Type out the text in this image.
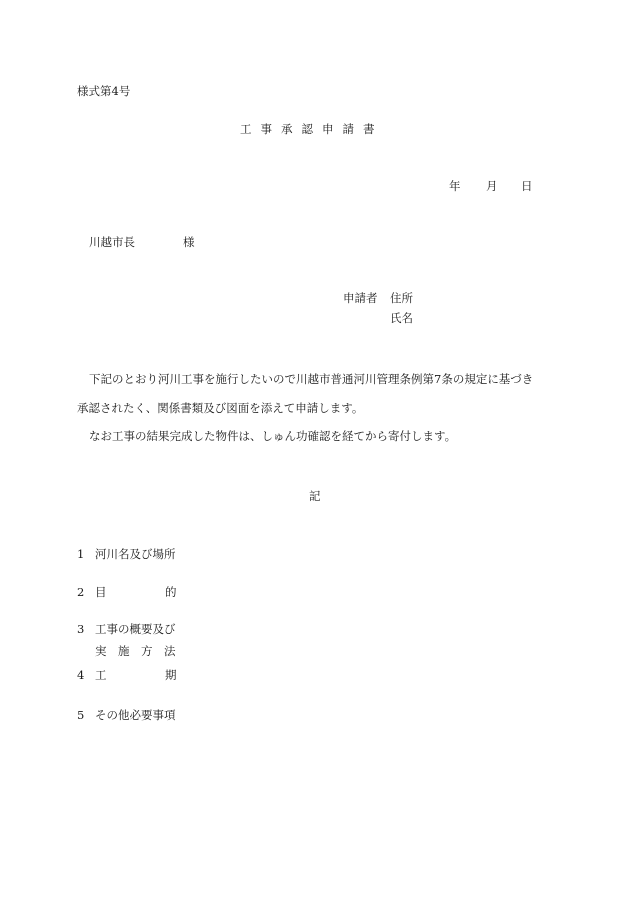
様式第4号
工事承認申請書
年 月 日
川越市長	様
申請者 住所
氏名
下記のとおり河川工事を施行したいので川越市普通河川管理条例第7条の規定に基づき
承認されたく、関係書類及び図面を添えて申請します。
なお工事の結果完成した物件は、しゅん功確認を経てから寄付します。
記
1 河川名及び場所
2 目	的
3 工事の概要及び
実　施　方　法
4 工	期
5 その他必要事項
